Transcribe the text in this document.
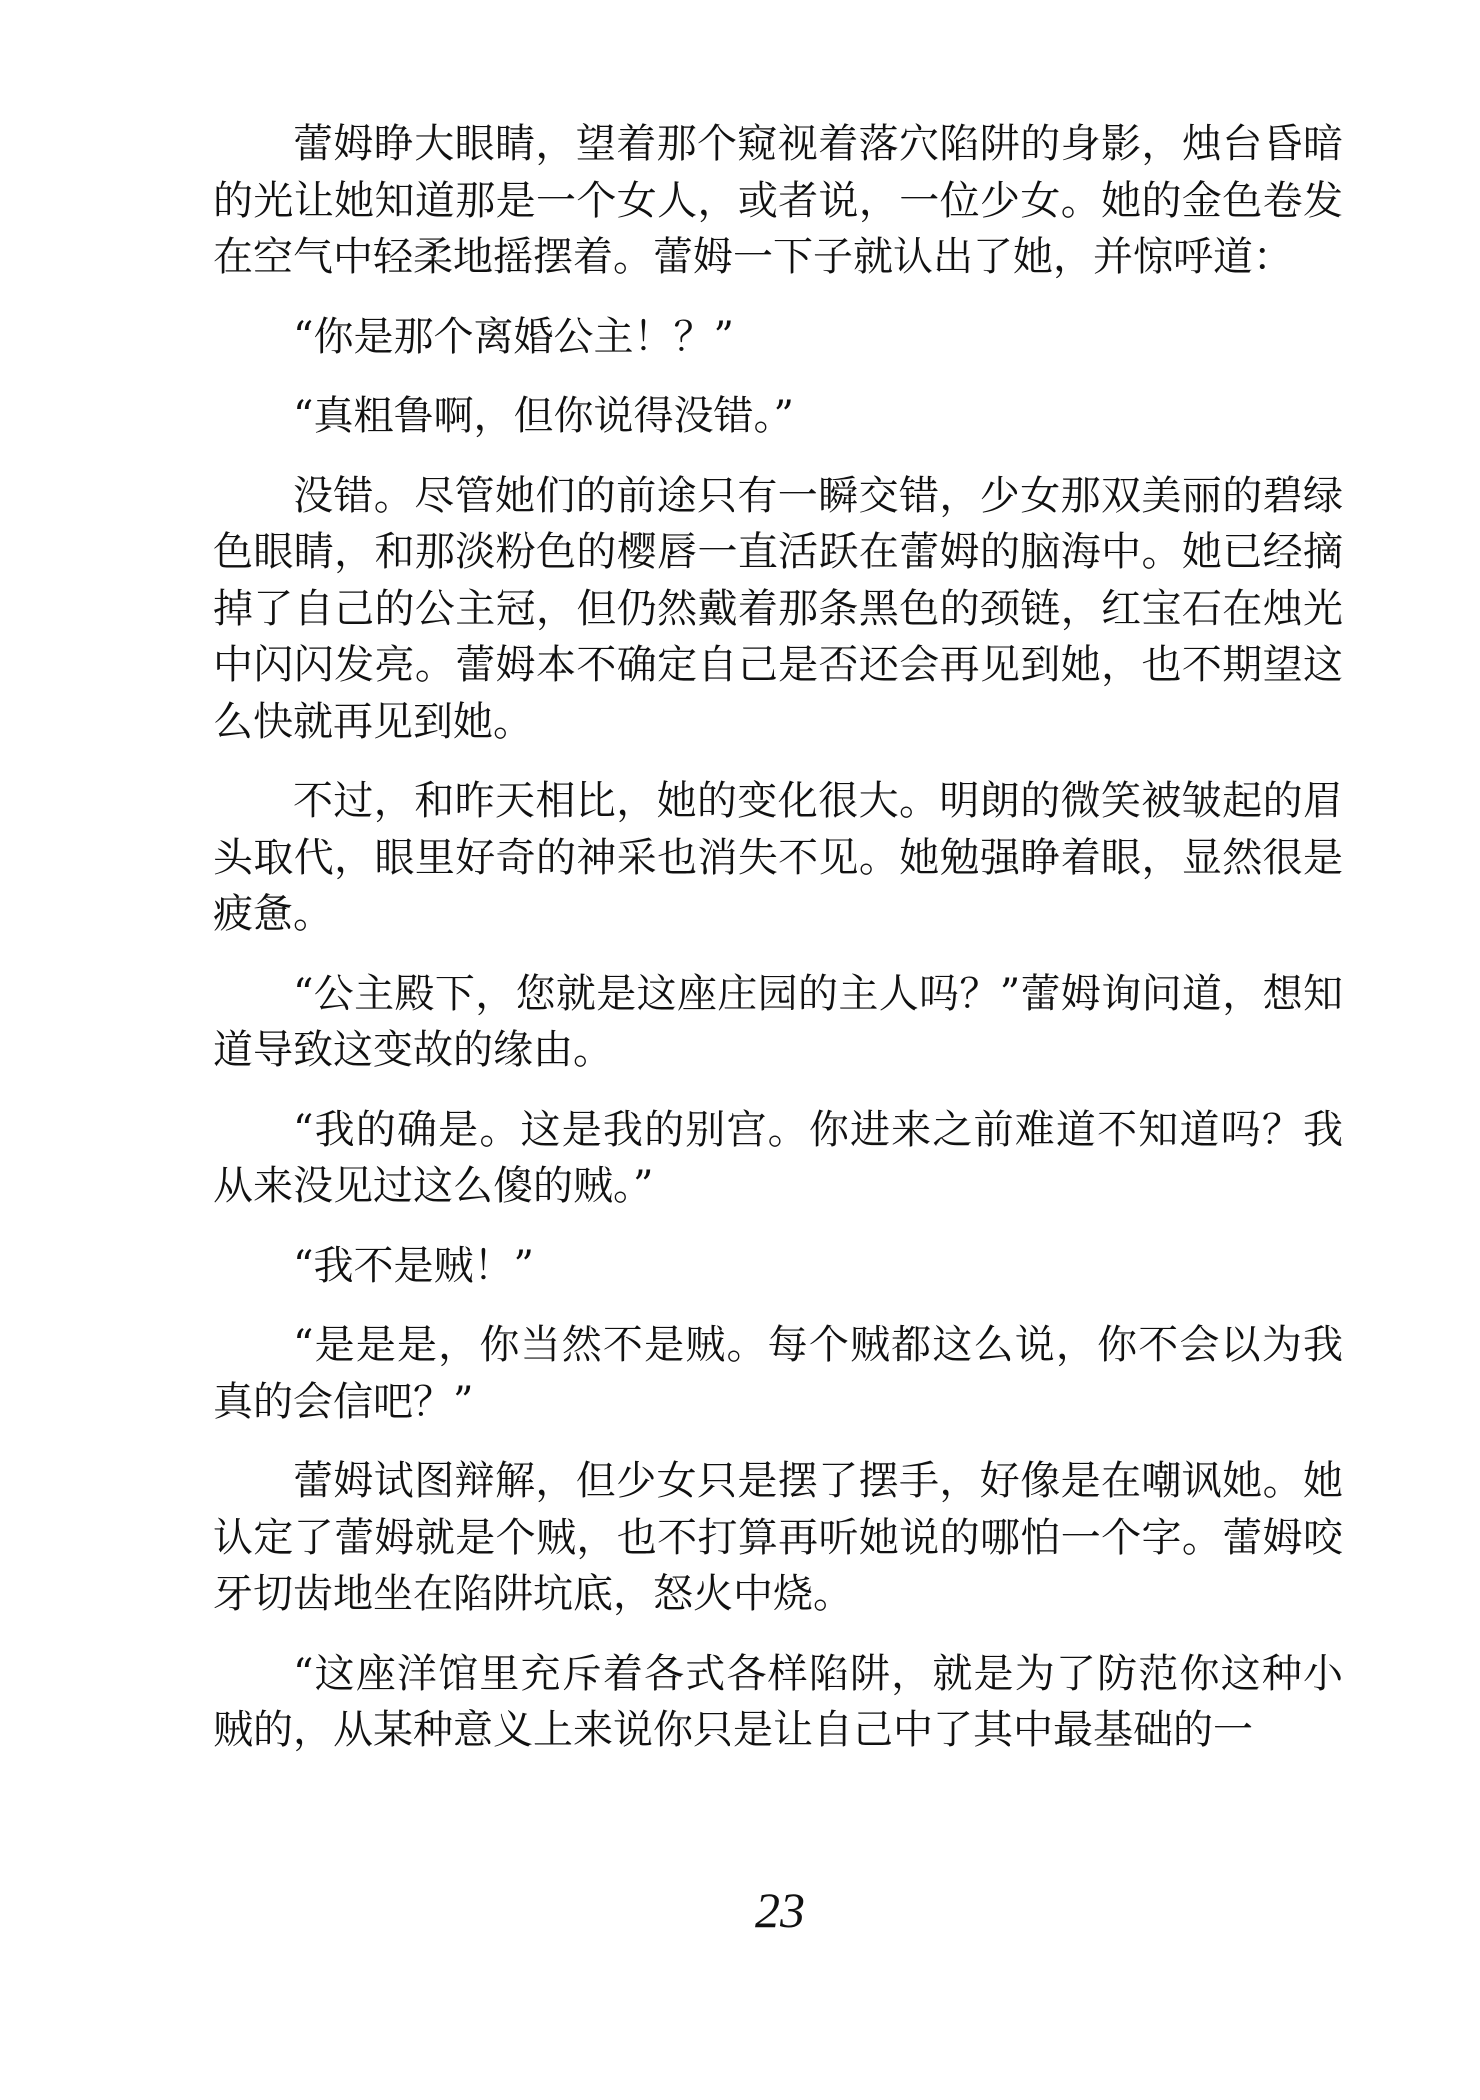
蕾姆睁大眼睛，望着那个窥视着落穴陷阱的身影，烛台昏暗的光让她知道那是一个女人，或者说，一位少女。她的金色卷发在空气中轻柔地摇摆着。蕾姆一下子就认出了她，并惊呼道：

“你是那个离婚公主！？”

“真粗鲁啊，但你说得没错。”

没错。尽管她们的前途只有一瞬交错，少女那双美丽的碧绿色眼睛，和那淡粉色的樱唇一直活跃在蕾姆的脑海中。她已经摘掉了自己的公主冠，但仍然戴着那条黑色的颈链，红宝石在烛光中闪闪发亮。蕾姆本不确定自己是否还会再见到她，也不期望这么快就再见到她。

不过，和昨天相比，她的变化很大。明朗的微笑被皱起的眉头取代，眼里好奇的神采也消失不见。她勉强睁着眼，显然很是疲惫。

“公主殿下，您就是这座庄园的主人吗？”蕾姆询问道，想知道导致这变故的缘由。

“我的确是。这是我的别宫。你进来之前难道不知道吗？我从来没见过这么傻的贼。”

“我不是贼！”

“是是是，你当然不是贼。每个贼都这么说，你不会以为我真的会信吧？”

蕾姆试图辩解，但少女只是摆了摆手，好像是在嘲讽她。她认定了蕾姆就是个贼，也不打算再听她说的哪怕一个字。蕾姆咬牙切齿地坐在陷阱坑底，怒火中烧。

“这座洋馆里充斥着各式各样陷阱，就是为了防范你这种小贼的，从某种意义上来说你只是让自己中了其中最基础的一

23
